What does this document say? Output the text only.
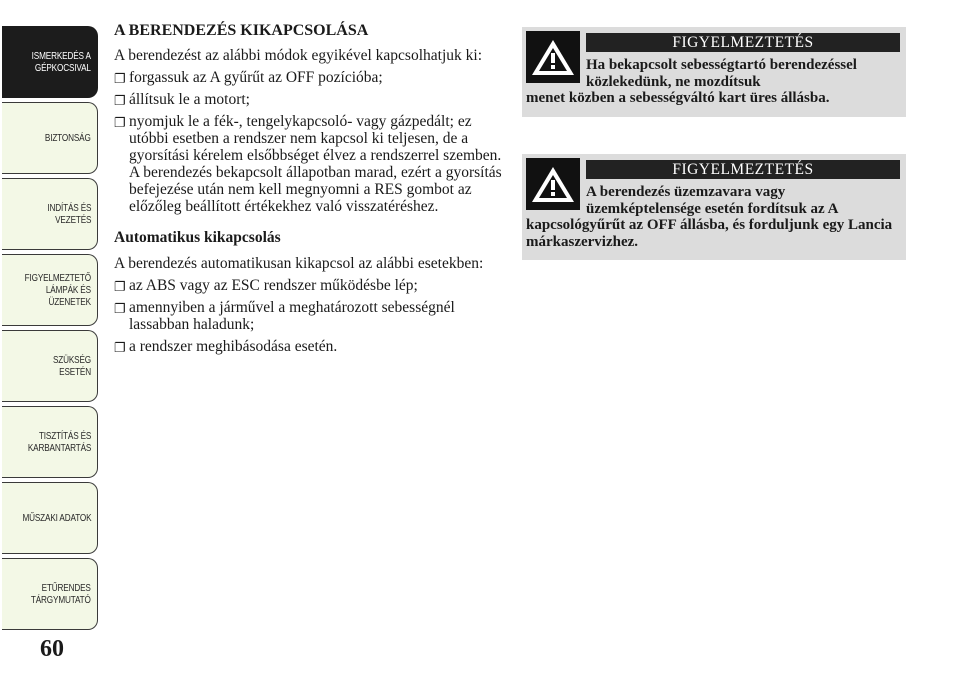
ISMERKEDÉS A
GÉPKOCSIVAL
BIZTONSÁG
INDÍTÁS ÉS
VEZETÉS
FIGYELMEZTETŐ
LÁMPÁK ÉS
ÜZENETEK
SZÜKSÉG ESETÉN
TISZTÍTÁS ÉS
KARBANTARTÁS
MŰSZAKI ADATOK
ETŰRENDES
TÁRGYMUTATÓ
60
A BERENDEZÉS KIKAPCSOLÁSA

A berendezést az alábbi módok egyikével kapcsolhatjuk ki:

❐ forgassuk az A gyűrűt az OFF pozícióba;
❐ állítsuk le a motort;
❐ nyomjuk le a fék-, tengelykapcsoló- vagy gázpedált; ez utóbbi esetben a rendszer nem kapcsol ki teljesen, de a gyorsítási kérelem elsőbbséget élvez a rendszerrel szemben. A berendezés bekapcsolt állapotban marad, ezért a gyorsítás befejezése után nem kell megnyomni a RES gombot az előzőleg beállított értékekhez való visszatéréshez.
Automatikus kikapcsolás

A berendezés automatikusan kikapcsol az alábbi esetekben:

❐ az ABS vagy az ESC rendszer működésbe lép;
❐ amennyiben a járművel a meghatározott sebességnél lassabban haladunk;
❐ a rendszer meghibásodása esetén.
FIGYELMEZTETÉS
Ha bekapcsolt sebességtartó berendezéssel közlekedünk, ne mozdítsuk
menet közben a sebességváltó kart üres állásba.
FIGYELMEZTETÉS
A berendezés üzemzavara vagy üzemképtelensége esetén fordítsuk az A
kapcsológyűrűt az OFF állásba, és forduljunk egy Lancia márkaszervizhez.
